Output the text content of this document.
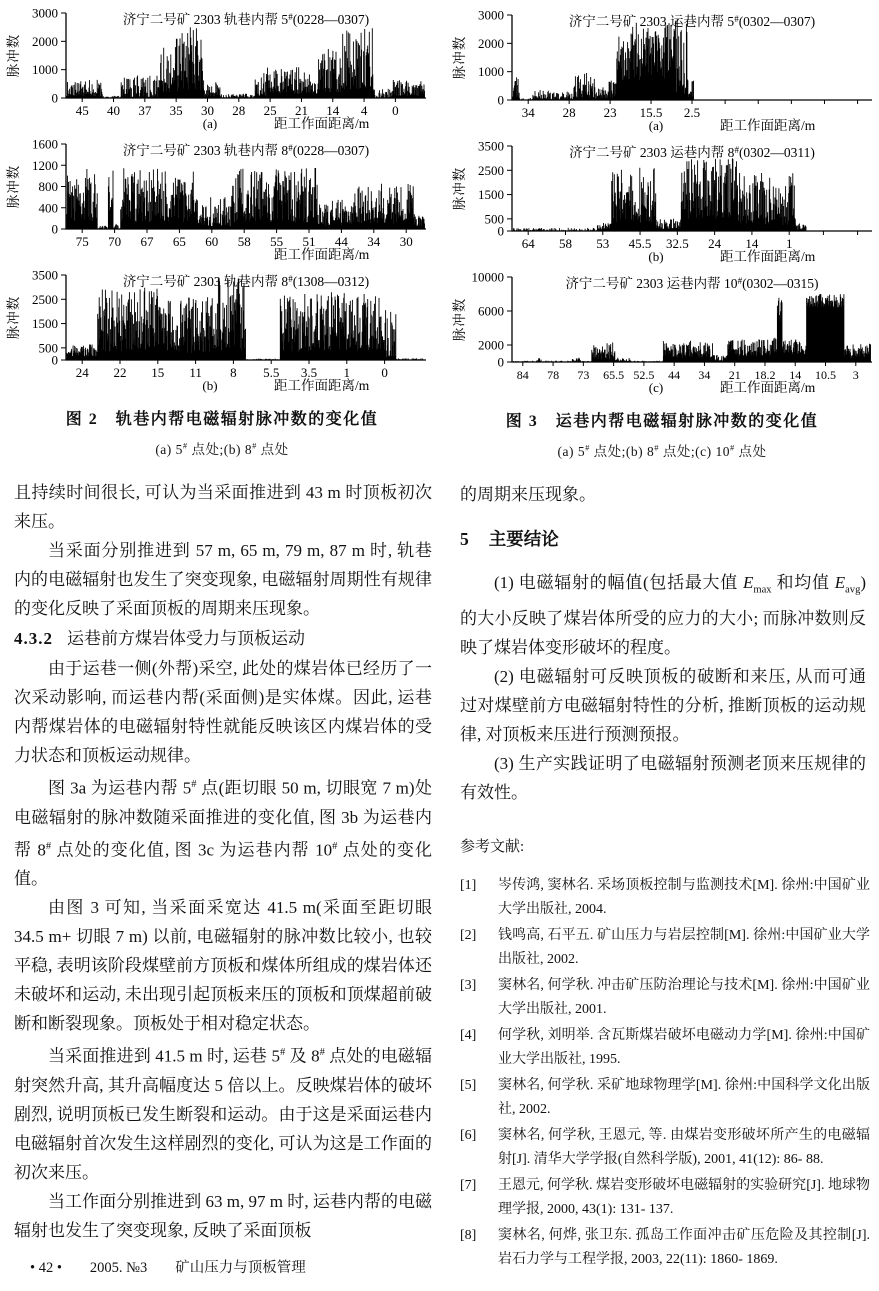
0
1000
2000
3000
45 40 37 35 30 28 25 21 14 4 0
济宁二号矿 2303 轨巷内帮 5#(0228—0307)
脉冲数
(a)	距工作面距离/m
0
400
800
1200
1600
75 70 67 65 60 58 55 51 44 34 30
济宁二号矿 2303 轨巷内帮 8#(0228—0307)
脉冲数
距工作面距离/m
0
500
1500
2500
3500
24 22 15 11 8 5.5 3.5 1 0
济宁二号矿 2303 轨巷内帮 8#(1308—0312)
脉冲数
(b)	距工作面距离/m
图 2　轨巷内帮电磁辐射脉冲数的变化值
(a) 5# 点处;(b) 8# 点处

且持续时间很长, 可认为当采面推进到 43 m 时顶板初次来压。

当采面分别推进到 57 m, 65 m, 79 m, 87 m 时, 轨巷内的电磁辐射也发生了突变现象, 电磁辐射周期性有规律的变化反映了采面顶板的周期来压现象。

4.3.2 运巷前方煤岩体受力与顶板运动

由于运巷一侧(外帮)采空, 此处的煤岩体已经历了一次采动影响, 而运巷内帮(采面侧)是实体煤。因此, 运巷内帮煤岩体的电磁辐射特性就能反映该区内煤岩体的受力状态和顶板运动规律。

图 3a 为运巷内帮 5# 点(距切眼 50 m, 切眼宽 7 m)处电磁辐射的脉冲数随采面推进的变化值, 图 3b 为运巷内帮 8# 点处的变化值, 图 3c 为运巷内帮 10# 点处的变化值。

由图 3 可知, 当采面采宽达 41.5 m(采面至距切眼 34.5 m+ 切眼 7 m) 以前, 电磁辐射的脉冲数比较小, 也较平稳, 表明该阶段煤壁前方顶板和煤体所组成的煤岩体还未破坏和运动, 未出现引起顶板来压的顶板和顶煤超前破断和断裂现象。顶板处于相对稳定状态。

当采面推进到 41.5 m 时, 运巷 5# 及 8# 点处的电磁辐射突然升高, 其升高幅度达 5 倍以上。反映煤岩体的破坏剧烈, 说明顶板已发生断裂和运动。由于这是采面运巷内电磁辐射首次发生这样剧烈的变化, 可认为这是工作面的初次来压。

当工作面分别推进到 63 m, 97 m 时, 运巷内帮的电磁辐射也发生了突变现象, 反映了采面顶板

0
1000
2000
3000
34 28 23 15.5 2.5
济宁二号矿 2303 运巷内帮 5#(0302—0307)
脉冲数
(a)	距工作面距离/m
0
500
1500
2500
3500
64 58 53 45.5 32.5 24 14 1
济宁二号矿 2303 运巷内帮 8#(0302—0311)
脉冲数
(b)	距工作面距离/m
0
2000
6000
10000
84 78 73 65.5 52.5 44 34 21 18.2 14 10.5 3
济宁二号矿 2303 运巷内帮 10#(0302—0315)
脉冲数
(c)	距工作面距离/m
图 3　运巷内帮电磁辐射脉冲数的变化值
(a) 5# 点处;(b) 8# 点处;(c) 10# 点处

的周期来压现象。

5 主要结论

(1) 电磁辐射的幅值(包括最大值 $E_{max}$ 和均值 $E_{avg}$)的大小反映了煤岩体所受的应力的大小; 而脉冲数则反映了煤岩体变形破坏的程度。

(2) 电磁辐射可反映顶板的破断和来压, 从而可通过对煤壁前方电磁辐射特性的分析, 推断顶板的运动规律, 对顶板来压进行预测预报。

(3) 生产实践证明了电磁辐射预测老顶来压规律的有效性。

参考文献:
[1] 岑传鸿, 窦林名. 采场顶板控制与监测技术[M]. 徐州:中国矿业大学出版社, 2004.
[2] 钱鸣高, 石平五. 矿山压力与岩层控制[M]. 徐州:中国矿业大学出版社, 2002.
[3] 窦林名, 何学秋. 冲击矿压防治理论与技术[M]. 徐州:中国矿业大学出版社, 2001.
[4] 何学秋, 刘明举. 含瓦斯煤岩破坏电磁动力学[M]. 徐州:中国矿业大学出版社, 1995.
[5] 窦林名, 何学秋. 采矿地球物理学[M]. 徐州:中国科学文化出版社, 2002.
[6] 窦林名, 何学秋, 王恩元, 等. 由煤岩变形破坏所产生的电磁辐射[J]. 清华大学学报(自然科学版), 2001, 41(12): 86- 88.
[7] 王恩元, 何学秋. 煤岩变形破坏电磁辐射的实验研究[J]. 地球物理学报, 2000, 43(1): 131- 137.
[8] 窦林名, 何烨, 张卫东. 孤岛工作面冲击矿压危险及其控制[J]. 岩石力学与工程学报, 2003, 22(11): 1860- 1869.
• 42 • 2005. №3 矿山压力与顶板管理
